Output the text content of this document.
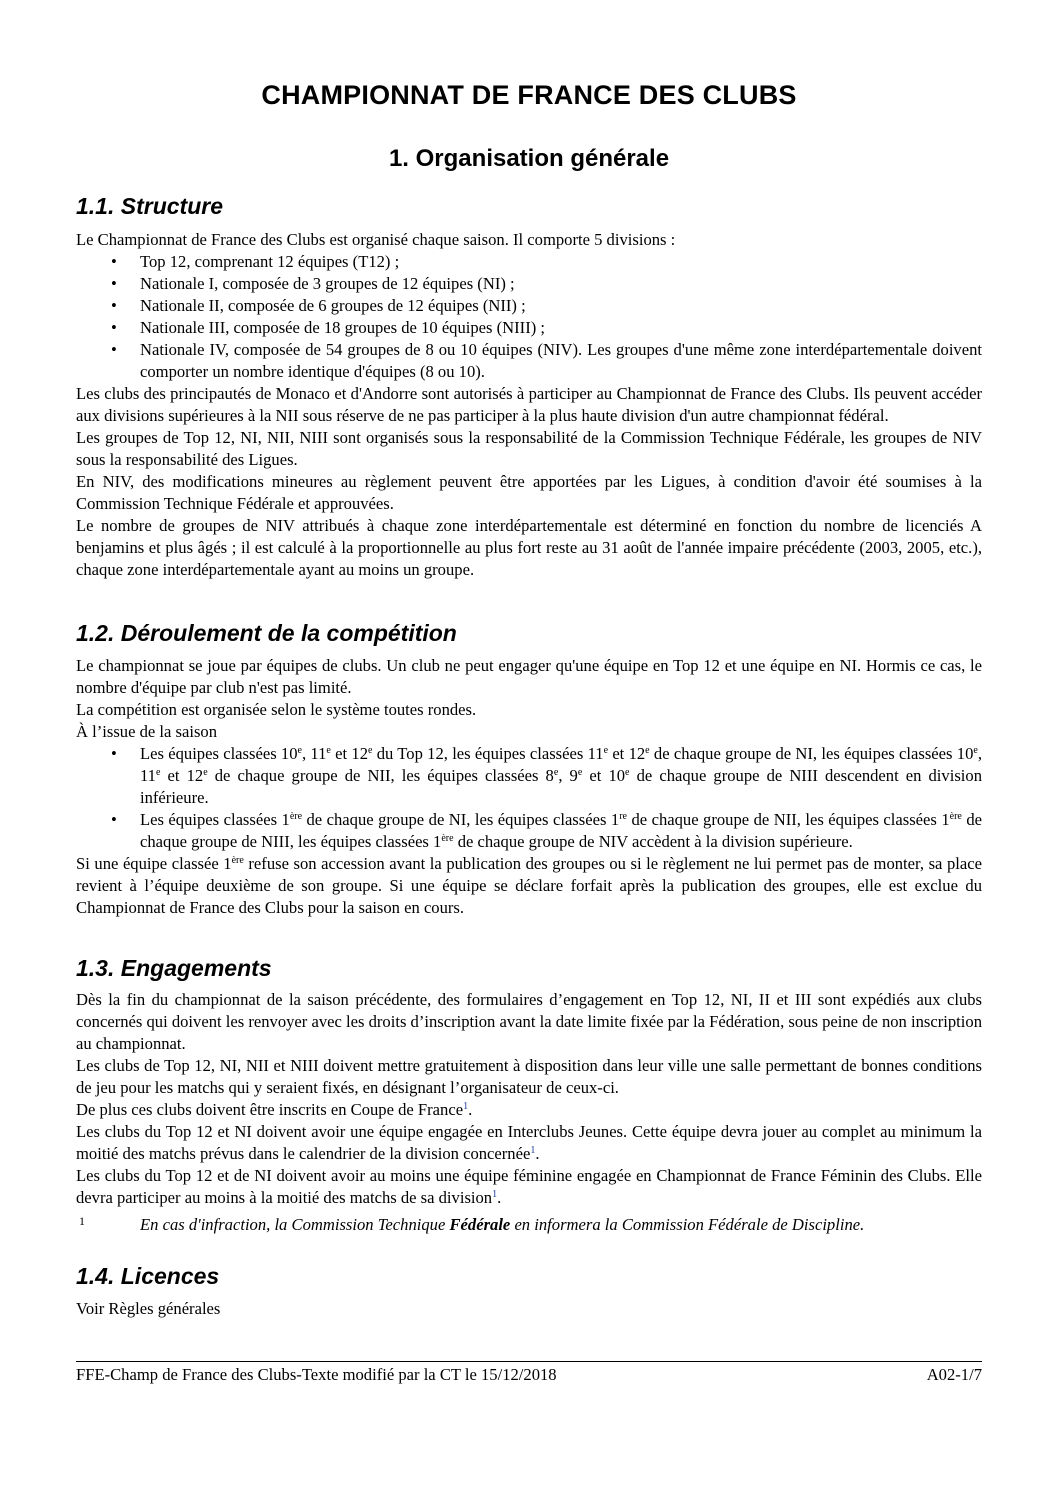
CHAMPIONNAT DE FRANCE DES CLUBS
1. Organisation générale
1.1. Structure

Le Championnat de France des Clubs est organisé chaque saison. Il comporte 5 divisions :

• Top 12, comprenant 12 équipes (T12) ;
• Nationale I, composée de 3 groupes de 12 équipes (NI) ;
• Nationale II, composée de 6 groupes de 12 équipes (NII) ;
• Nationale III, composée de 18 groupes de 10 équipes (NIII) ;
• Nationale IV, composée de 54 groupes de 8 ou 10 équipes (NIV). Les groupes d'une même zone interdépartementale doivent comporter un nombre identique d'équipes (8 ou 10).

Les clubs des principautés de Monaco et d'Andorre sont autorisés à participer au Championnat de France des Clubs. Ils peuvent accéder aux divisions supérieures à la NII sous réserve de ne pas participer à la plus haute division d'un autre championnat fédéral.

Les groupes de Top 12, NI, NII, NIII sont organisés sous la responsabilité de la Commission Technique Fédérale, les groupes de NIV sous la responsabilité des Ligues.

En NIV, des modifications mineures au règlement peuvent être apportées par les Ligues, à condition d'avoir été soumises à la Commission Technique Fédérale et approuvées.

Le nombre de groupes de NIV attribués à chaque zone interdépartementale est déterminé en fonction du nombre de licenciés A benjamins et plus âgés ; il est calculé à la proportionnelle au plus fort reste au 31 août de l'année impaire précédente (2003, 2005, etc.), chaque zone interdépartementale ayant au moins un groupe.

1.2. Déroulement de la compétition

Le championnat se joue par équipes de clubs. Un club ne peut engager qu'une équipe en Top 12 et une équipe en NI. Hormis ce cas, le nombre d'équipe par club n'est pas limité.

La compétition est organisée selon le système toutes rondes.

À l’issue de la saison

• Les équipes classées 10e, 11e et 12e du Top 12, les équipes classées 11e et 12e de chaque groupe de NI, les équipes classées 10e, 11e et 12e de chaque groupe de NII, les équipes classées 8e, 9e et 10e de chaque groupe de NIII descendent en division inférieure.
• Les équipes classées 1ère de chaque groupe de NI, les équipes classées 1re de chaque groupe de NII, les équipes classées 1ère de chaque groupe de NIII, les équipes classées 1ère de chaque groupe de NIV accèdent à la division supérieure.

Si une équipe classée 1ère refuse son accession avant la publication des groupes ou si le règlement ne lui permet pas de monter, sa place revient à l’équipe deuxième de son groupe. Si une équipe se déclare forfait après la publication des groupes, elle est exclue du Championnat de France des Clubs pour la saison en cours.

1.3. Engagements

Dès la fin du championnat de la saison précédente, des formulaires d’engagement en Top 12, NI, II et III sont expédiés aux clubs concernés qui doivent les renvoyer avec les droits d’inscription avant la date limite fixée par la Fédération, sous peine de non inscription au championnat.

Les clubs de Top 12, NI, NII et NIII doivent mettre gratuitement à disposition dans leur ville une salle permettant de bonnes conditions de jeu pour les matchs qui y seraient fixés, en désignant l’organisateur de ceux-ci.

De plus ces clubs doivent être inscrits en Coupe de France$^1$.

Les clubs du Top 12 et NI doivent avoir une équipe engagée en Interclubs Jeunes. Cette équipe devra jouer au complet au minimum la moitié des matchs prévus dans le calendrier de la division concernée$^1$.

Les clubs du Top 12 et de NI doivent avoir au moins une équipe féminine engagée en Championnat de France Féminin des Clubs. Elle devra participer au moins à la moitié des matchs de sa division$^1$.

1	En cas d'infraction, la Commission Technique Fédérale en informera la Commission Fédérale de Discipline.
1.4. Licences

Voir Règles générales

FFE-Champ de France des Clubs-Texte modifié par la CT le 15/12/2018	A02-1/7
